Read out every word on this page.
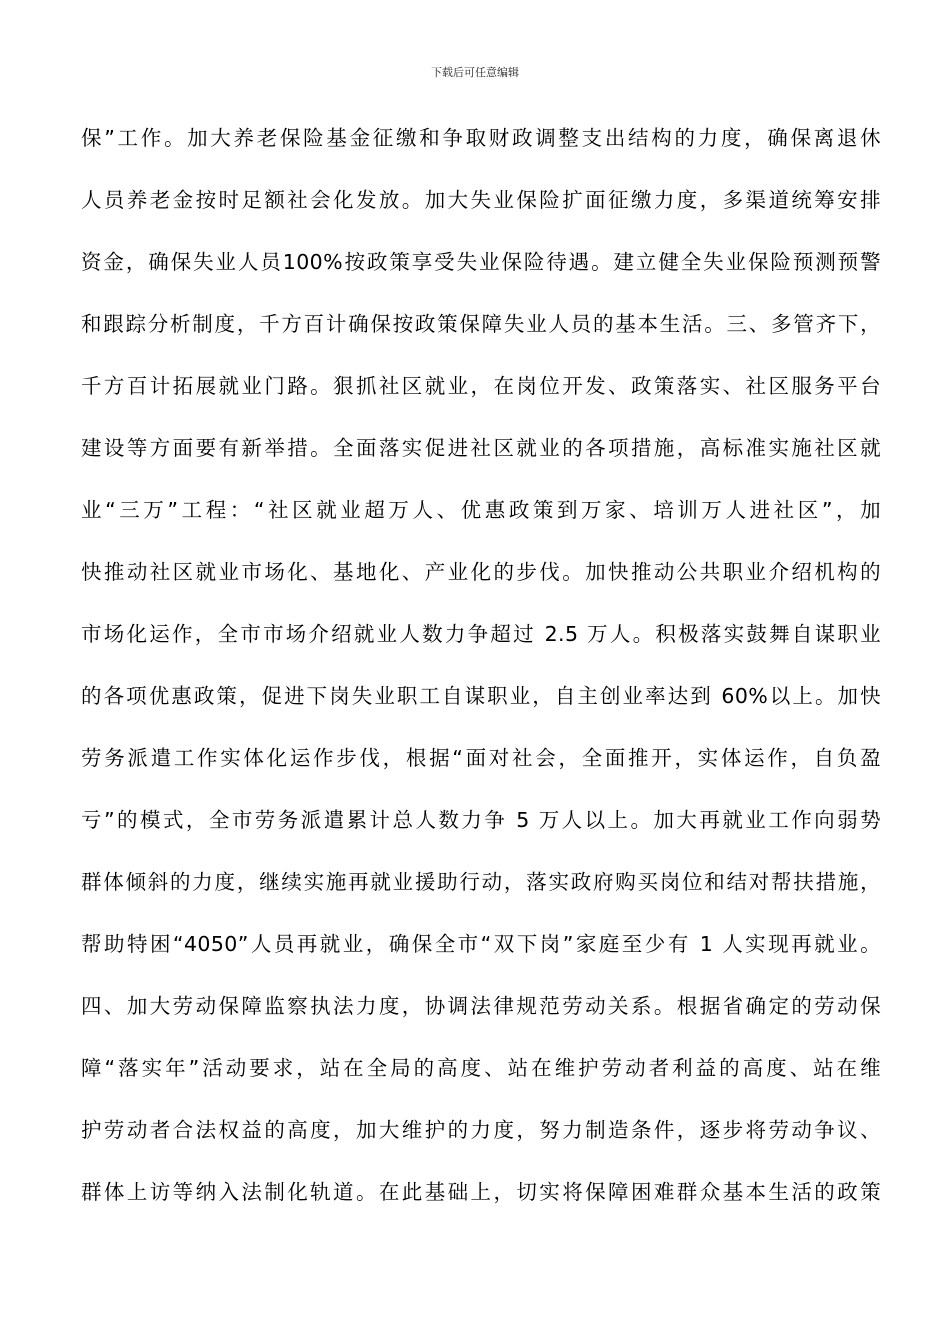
下载后可任意编辑
保”工作。加大养老保险基金征缴和争取财政调整支出结构的力度，确保离退休
人员养老金按时足额社会化发放。加大失业保险扩面征缴力度，多渠道统筹安排
资金，确保失业人员100%按政策享受失业保险待遇。建立健全失业保险预测预警
和跟踪分析制度，千方百计确保按政策保障失业人员的基本生活。三、多管齐下，
千方百计拓展就业门路。狠抓社区就业，在岗位开发、政策落实、社区服务平台
建设等方面要有新举措。全面落实促进社区就业的各项措施，高标准实施社区就
业“三万”工程：“社区就业超万人、优惠政策到万家、培训万人进社区”，加
快推动社区就业市场化、基地化、产业化的步伐。加快推动公共职业介绍机构的
市场化运作，全市市场介绍就业人数力争超过 2.5 万人。积极落实鼓舞自谋职业
的各项优惠政策，促进下岗失业职工自谋职业，自主创业率达到 60%以上。加快
劳务派遣工作实体化运作步伐，根据“面对社会，全面推开，实体运作，自负盈
亏”的模式，全市劳务派遣累计总人数力争 5 万人以上。加大再就业工作向弱势
群体倾斜的力度，继续实施再就业援助行动，落实政府购买岗位和结对帮扶措施，
帮助特困“4050”人员再就业，确保全市“双下岗”家庭至少有 1 人实现再就业。
四、加大劳动保障监察执法力度，协调法律规范劳动关系。根据省确定的劳动保
障“落实年”活动要求，站在全局的高度、站在维护劳动者利益的高度、站在维
护劳动者合法权益的高度，加大维护的力度，努力制造条件，逐步将劳动争议、
群体上访等纳入法制化轨道。在此基础上，切实将保障困难群众基本生活的政策
